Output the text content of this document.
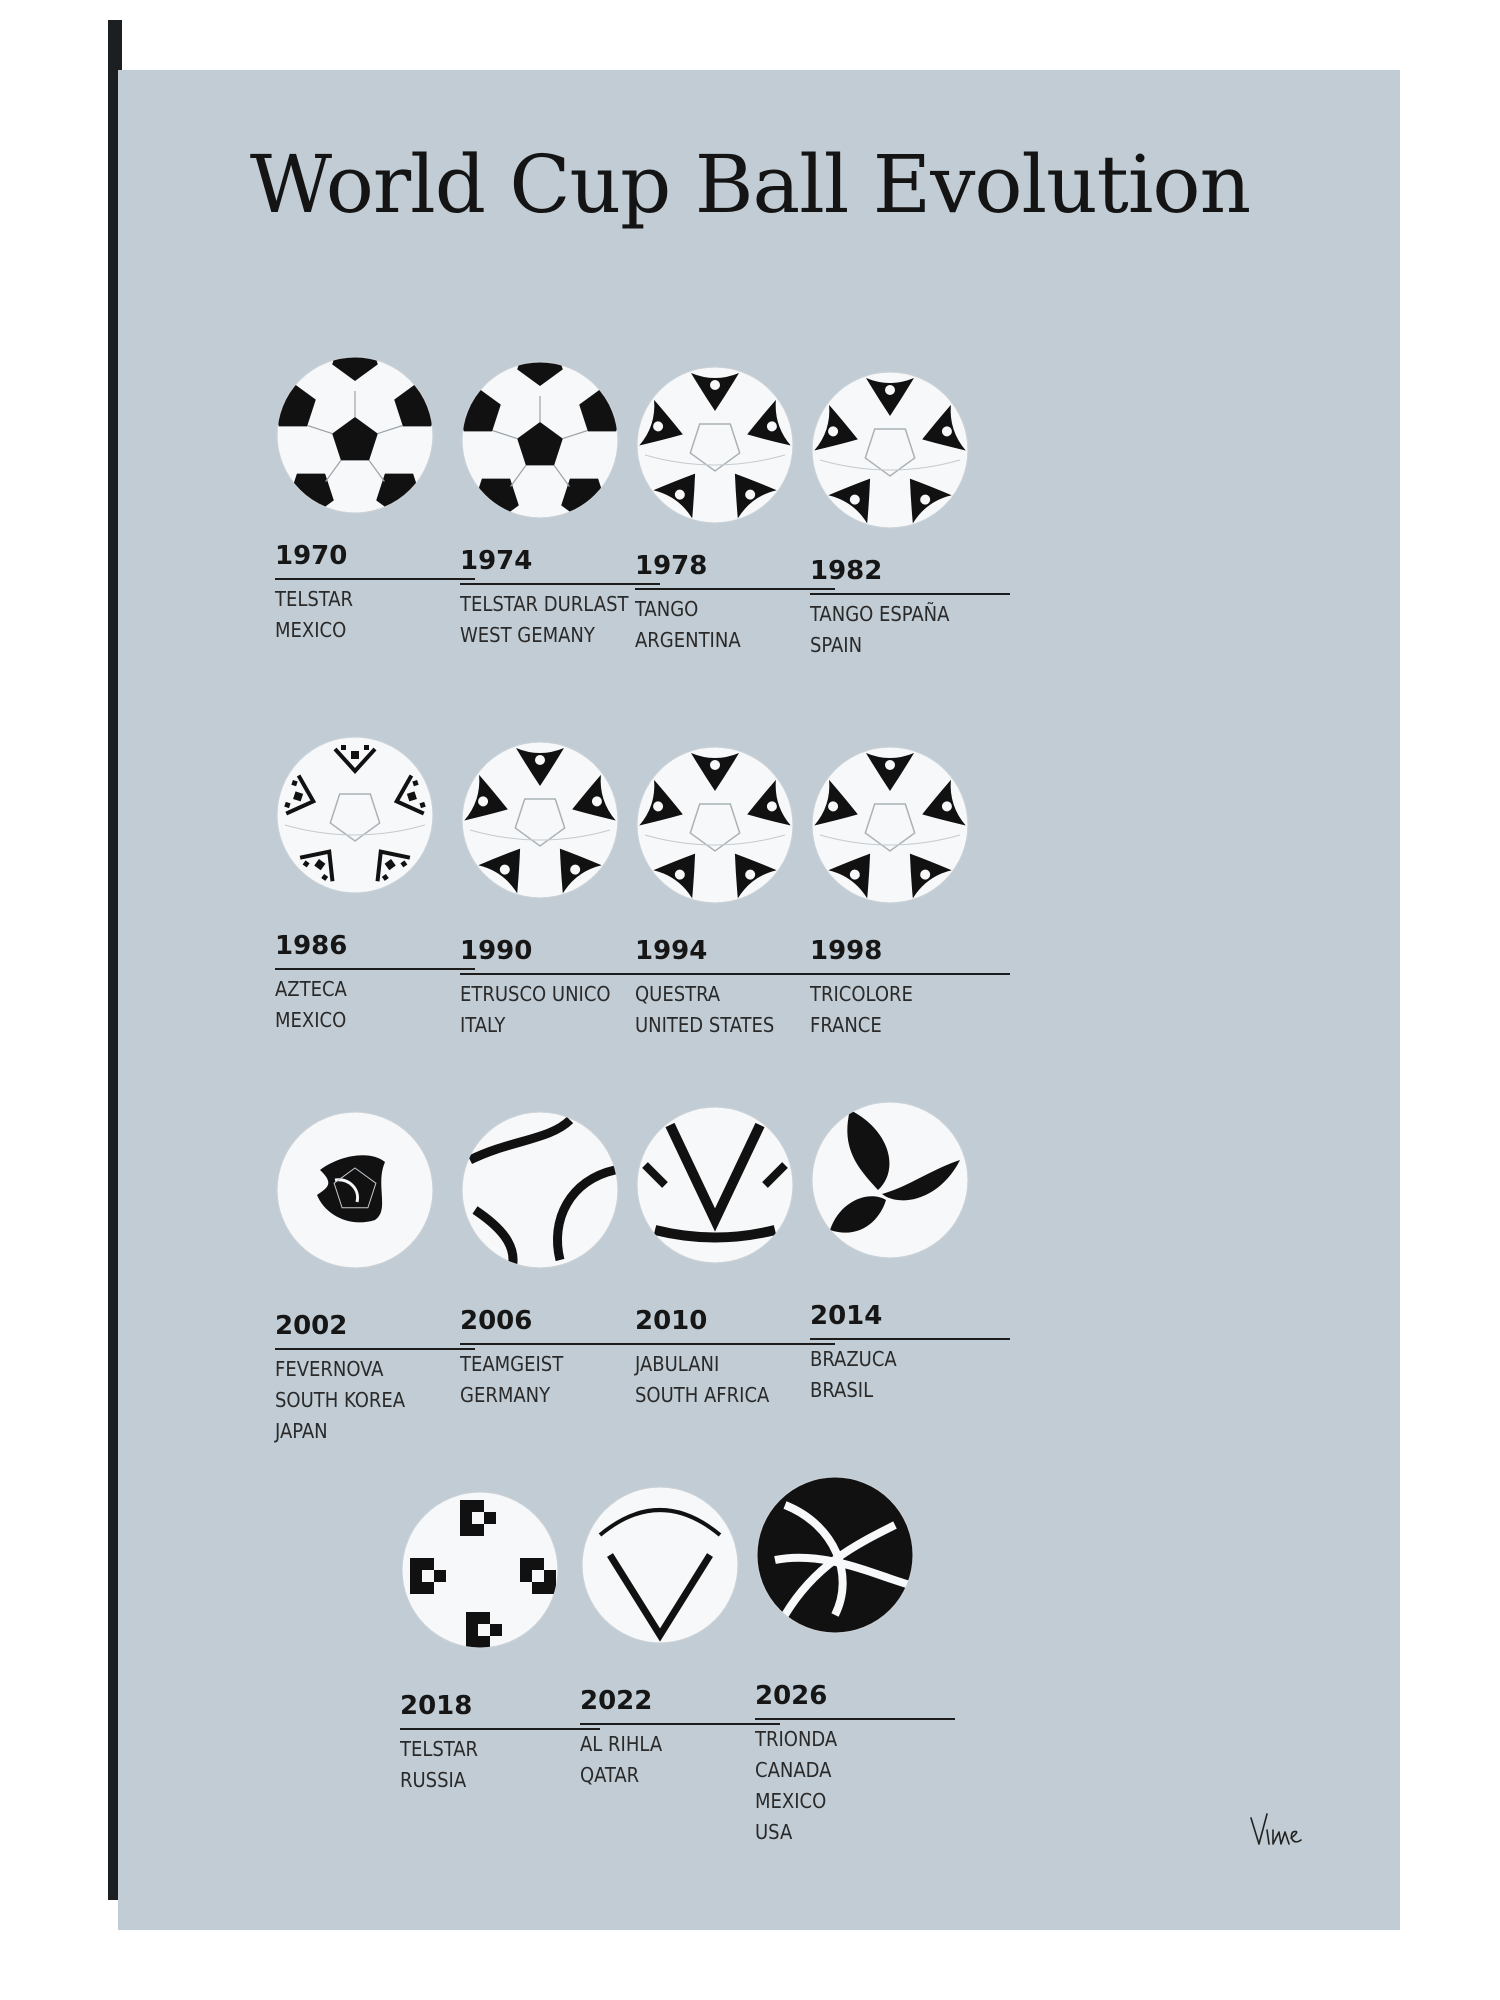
World Cup Ball Evolution
1970
TELSTAR
MEXICO
1974
TELSTAR DURLAST
WEST GEMANY
1978
TANGO
ARGENTINA
1982
TANGO ESPAÑA
SPAIN
1986
AZTECA
MEXICO
1990
ETRUSCO UNICO
ITALY
1994
QUESTRA
UNITED STATES
1998
TRICOLORE
FRANCE
2002
FEVERNOVA
SOUTH KOREA
JAPAN
2006
TEAMGEIST
GERMANY
2010
JABULANI
SOUTH AFRICA
2014
BRAZUCA
BRASIL
2018
TELSTAR
RUSSIA
2022
AL RIHLA
QATAR
2026
TRIONDA
CANADA
MEXICO
USA
